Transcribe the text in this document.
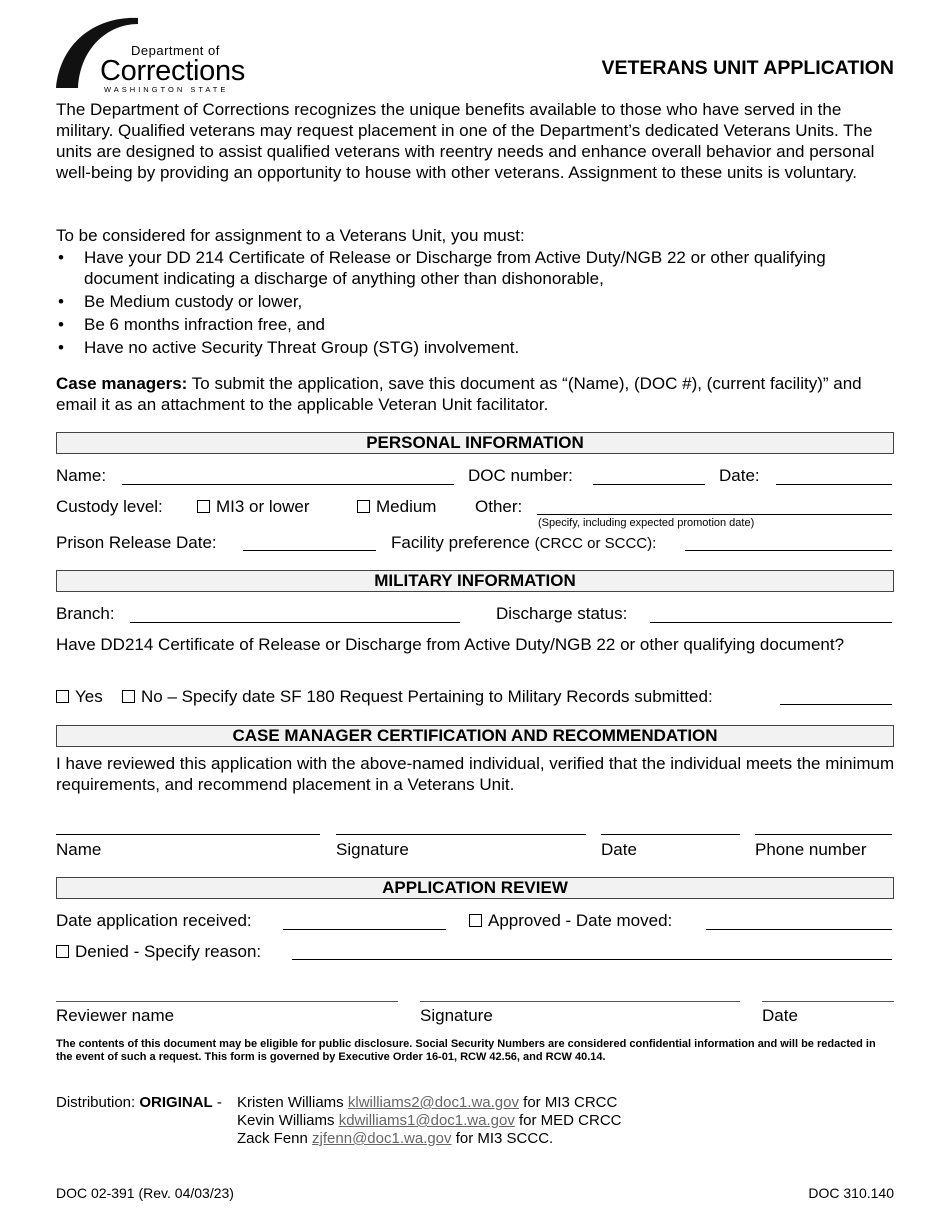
Department of
Corrections
WASHINGTON STATE
VETERANS UNIT APPLICATION
The Department of Corrections recognizes the unique benefits available to those who have served in the military. Qualified veterans may request placement in one of the Department’s dedicated Veterans Units. The units are designed to assist qualified veterans with reentry needs and enhance overall behavior and personal well-being by providing an opportunity to house with other veterans. Assignment to these units is voluntary.
To be considered for assignment to a Veterans Unit, you must:
• Have your DD 214 Certificate of Release or Discharge from Active Duty/NGB 22 or other qualifying document indicating a discharge of anything other than dishonorable,
• Be Medium custody or lower,
• Be 6 months infraction free, and
• Have no active Security Threat Group (STG) involvement.
Case managers: To submit the application, save this document as “(Name), (DOC #), (current facility)” and email it as an attachment to the applicable Veteran Unit facilitator.
PERSONAL INFORMATION
Name:	DOC number:	Date:
Custody level:	MI3 or lower	Medium Other:
(Specify, including expected promotion date)
Prison Release Date:	Facility preference (CRCC or SCCC):
MILITARY INFORMATION
Branch:	Discharge status:
Have DD214 Certificate of Release or Discharge from Active Duty/NGB 22 or other qualifying document?
Yes	No – Specify date SF 180 Request Pertaining to Military Records submitted:
CASE MANAGER CERTIFICATION AND RECOMMENDATION
I have reviewed this application with the above-named individual, verified that the individual meets the minimum requirements, and recommend placement in a Veterans Unit.
Name	Signature	Date	Phone number
APPLICATION REVIEW
Date application received:	Approved - Date moved:
Denied - Specify reason:
Reviewer name	Signature	Date
The contents of this document may be eligible for public disclosure. Social Security Numbers are considered confidential information and will be redacted in the event of such a request. This form is governed by Executive Order 16-01, RCW 42.56, and RCW 40.14.
Distribution: ORIGINAL -	Kristen Williams klwilliams2@doc1.wa.gov for MI3 CRCC
Kevin Williams kdwilliams1@doc1.wa.gov for MED CRCC
Zack Fenn zjfenn@doc1.wa.gov for MI3 SCCC.
DOC 02-391 (Rev. 04/03/23)	DOC 310.140
